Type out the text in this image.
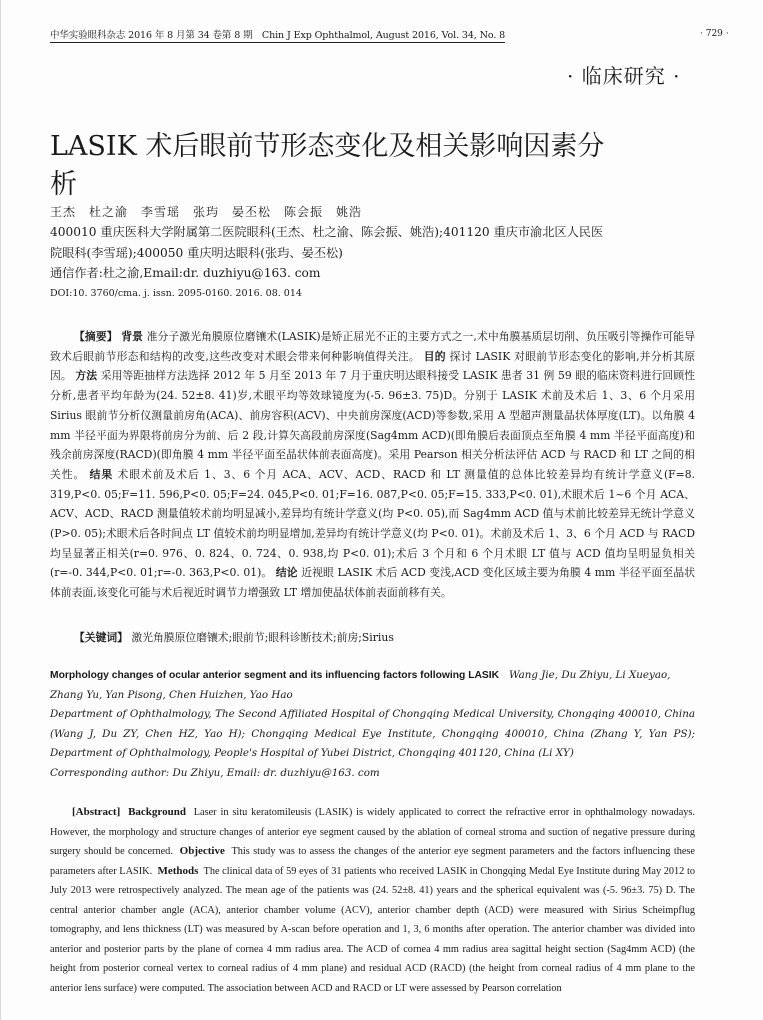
中华实验眼科杂志 2016 年 8 月第 34 卷第 8 期　Chin J Exp Ophthalmol, August 2016, Vol. 34, No. 8	· 729 ·
· 临床研究 ·
LASIK 术后眼前节形态变化及相关影响因素分析
王杰　杜之渝　李雪瑶　张玙　晏丕松　陈会振　姚浩
400010 重庆医科大学附属第二医院眼科(王杰、杜之渝、陈会振、姚浩);401120 重庆市渝北区人民医院眼科(李雪瑶);400050 重庆明达眼科(张玙、晏丕松)
通信作者:杜之渝,Email:dr. duzhiyu@163. com
DOI:10. 3760/cma. j. issn. 2095-0160. 2016. 08. 014
【摘要】 背景 准分子激光角膜原位磨镶术(LASIK)是矫正屈光不正的主要方式之一,术中角膜基质层切削、负压吸引等操作可能导致术后眼前节形态和结构的改变,这些改变对术眼会带来何种影响值得关注。 目的 探讨 LASIK 对眼前节形态变化的影响,并分析其原因。 方法 采用等距抽样方法选择 2012 年 5 月至 2013 年 7 月于重庆明达眼科接受 LASIK 患者 31 例 59 眼的临床资料进行回顾性分析,患者平均年龄为(24. 52±8. 41)岁,术眼平均等效球镜度为(-5. 96±3. 75)D。分别于 LASIK 术前及术后 1、3、6 个月采用 Sirius 眼前节分析仪测量前房角(ACA)、前房容积(ACV)、中央前房深度(ACD)等参数,采用 A 型超声测量晶状体厚度(LT)。以角膜 4 mm 半径平面为界限将前房分为前、后 2 段,计算矢高段前房深度(Sag4mm ACD)(即角膜后表面顶点至角膜 4 mm 半径平面高度)和残余前房深度(RACD)(即角膜 4 mm 半径平面至晶状体前表面高度)。采用 Pearson 相关分析法评估 ACD 与 RACD 和 LT 之间的相关性。 结果 术眼术前及术后 1、3、6 个月 ACA、ACV、ACD、RACD 和 LT 测量值的总体比较差异均有统计学意义(F=8. 319,P<0. 05;F=11. 596,P<0. 05;F=24. 045,P<0. 01;F=16. 087,P<0. 05;F=15. 333,P<0. 01),术眼术后 1~6 个月 ACA、ACV、ACD、RACD 测量值较术前均明显减小,差异均有统计学意义(均 P<0. 05),而 Sag4mm ACD 值与术前比较差异无统计学意义(P>0. 05);术眼术后各时间点 LT 值较术前均明显增加,差异均有统计学意义(均 P<0. 01)。术前及术后 1、3、6 个月 ACD 与 RACD 均呈显著正相关(r=0. 976、0. 824、0. 724、0. 938,均 P<0. 01);术后 3 个月和 6 个月术眼 LT 值与 ACD 值均呈明显负相关(r=-0. 344,P<0. 01;r=-0. 363,P<0. 01)。 结论 近视眼 LASIK 术后 ACD 变浅,ACD 变化区域主要为角膜 4 mm 半径平面至晶状体前表面,该变化可能与术后视近时调节力增强致 LT 增加使晶状体前表面前移有关。
【关键词】 激光角膜原位磨镶术;眼前节;眼科诊断技术;前房;Sirius
Morphology changes of ocular anterior segment and its influencing factors following LASIK Wang Jie, Du Zhiyu, Li Xueyao, Zhang Yu, Yan Pisong, Chen Huizhen, Yao Hao
Department of Ophthalmology, The Second Affiliated Hospital of Chongqing Medical University, Chongqing 400010, China (Wang J, Du ZY, Chen HZ, Yao H); Chongqing Medical Eye Institute, Chongqing 400010, China (Zhang Y, Yan PS); Department of Ophthalmology, People's Hospital of Yubei District, Chongqing 401120, China (Li XY)
Corresponding author: Du Zhiyu, Email: dr. duzhiyu@163. com
[Abstract] Background Laser in situ keratomileusis (LASIK) is widely applicated to correct the refractive error in ophthalmology nowadays. However, the morphology and structure changes of anterior eye segment caused by the ablation of corneal stroma and suction of negative pressure during surgery should be concerned. Objective This study was to assess the changes of the anterior eye segment parameters and the factors influencing these parameters after LASIK. Methods The clinical data of 59 eyes of 31 patients who received LASIK in Chongqing Medal Eye Institute during May 2012 to July 2013 were retrospectively analyzed. The mean age of the patients was (24. 52±8. 41) years and the spherical equivalent was (-5. 96±3. 75) D. The central anterior chamber angle (ACA), anterior chamber volume (ACV), anterior chamber depth (ACD) were measured with Sirius Scheimpflug tomography, and lens thickness (LT) was measured by A-scan before operation and 1, 3, 6 months after operation. The anterior chamber was divided into anterior and posterior parts by the plane of cornea 4 mm radius area. The ACD of cornea 4 mm radius area sagittal height section (Sag4mm ACD) (the height from posterior corneal vertex to corneal radius of 4 mm plane) and residual ACD (RACD) (the height from corneal radius of 4 mm plane to the anterior lens surface) were computed. The association between ACD and RACD or LT were assessed by Pearson correlation
